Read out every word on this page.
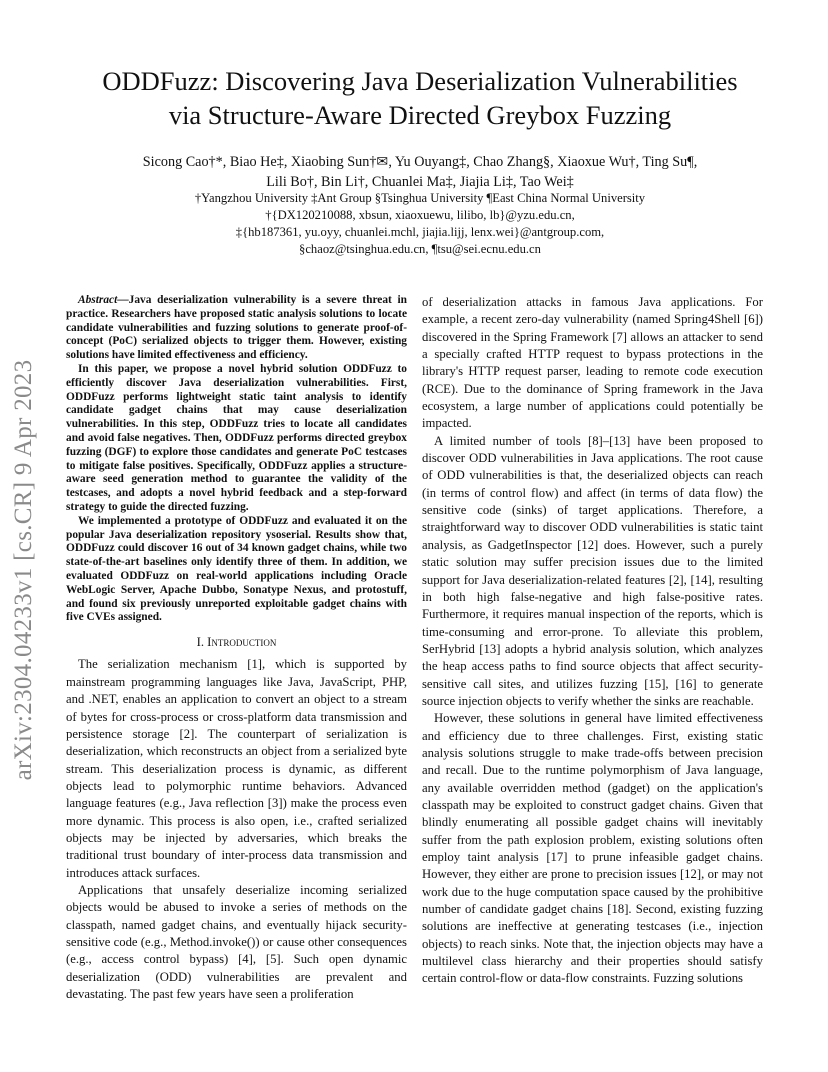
arXiv:2304.04233v1 [cs.CR] 9 Apr 2023
ODDFuzz: Discovering Java Deserialization Vulnerabilities
via Structure-Aware Directed Greybox Fuzzing
Sicong Cao†*, Biao He‡, Xiaobing Sun†✉, Yu Ouyang‡, Chao Zhang§, Xiaoxue Wu†, Ting Su¶,
Lili Bo†, Bin Li†, Chuanlei Ma‡, Jiajia Li‡, Tao Wei‡
†Yangzhou University ‡Ant Group §Tsinghua University ¶East China Normal University
†{DX120210088, xbsun, xiaoxuewu, lilibo, lb}@yzu.edu.cn,
‡{hb187361, yu.oyy, chuanlei.mchl, jiajia.lijj, lenx.wei}@antgroup.com,
§chaoz@tsinghua.edu.cn, ¶tsu@sei.ecnu.edu.cn

Abstract—Java deserialization vulnerability is a severe threat in practice. Researchers have proposed static analysis solutions to locate candidate vulnerabilities and fuzzing solutions to generate proof-of-concept (PoC) serialized objects to trigger them. However, existing solutions have limited effectiveness and efficiency.

In this paper, we propose a novel hybrid solution ODDFuzz to efficiently discover Java deserialization vulnerabilities. First, ODDFuzz performs lightweight static taint analysis to identify candidate gadget chains that may cause deserialization vulnerabilities. In this step, ODDFuzz tries to locate all candidates and avoid false negatives. Then, ODDFuzz performs directed greybox fuzzing (DGF) to explore those candidates and generate PoC testcases to mitigate false positives. Specifically, ODDFuzz applies a structure-aware seed generation method to guarantee the validity of the testcases, and adopts a novel hybrid feedback and a step-forward strategy to guide the directed fuzzing.

We implemented a prototype of ODDFuzz and evaluated it on the popular Java deserialization repository ysoserial. Results show that, ODDFuzz could discover 16 out of 34 known gadget chains, while two state-of-the-art baselines only identify three of them. In addition, we evaluated ODDFuzz on real-world applications including Oracle WebLogic Server, Apache Dubbo, Sonatype Nexus, and protostuff, and found six previously unreported exploitable gadget chains with five CVEs assigned.

I. Introduction

The serialization mechanism [1], which is supported by mainstream programming languages like Java, JavaScript, PHP, and .NET, enables an application to convert an object to a stream of bytes for cross-process or cross-platform data transmission and persistence storage [2]. The counterpart of serialization is deserialization, which reconstructs an object from a serialized byte stream. This deserialization process is dynamic, as different objects lead to polymorphic runtime behaviors. Advanced language features (e.g., Java reflection [3]) make the process even more dynamic. This process is also open, i.e., crafted serialized objects may be injected by adversaries, which breaks the traditional trust boundary of inter-process data transmission and introduces attack surfaces.

Applications that unsafely deserialize incoming serialized objects would be abused to invoke a series of methods on the classpath, named gadget chains, and eventually hijack security-sensitive code (e.g., Method.invoke()) or cause other consequences (e.g., access control bypass) [4], [5]. Such open dynamic deserialization (ODD) vulnerabilities are prevalent and devastating. The past few years have seen a proliferation

of deserialization attacks in famous Java applications. For example, a recent zero-day vulnerability (named Spring4Shell [6]) discovered in the Spring Framework [7] allows an attacker to send a specially crafted HTTP request to bypass protections in the library's HTTP request parser, leading to remote code execution (RCE). Due to the dominance of Spring framework in the Java ecosystem, a large number of applications could potentially be impacted.

A limited number of tools [8]–[13] have been proposed to discover ODD vulnerabilities in Java applications. The root cause of ODD vulnerabilities is that, the deserialized objects can reach (in terms of control flow) and affect (in terms of data flow) the sensitive code (sinks) of target applications. Therefore, a straightforward way to discover ODD vulnerabilities is static taint analysis, as GadgetInspector [12] does. However, such a purely static solution may suffer precision issues due to the limited support for Java deserialization-related features [2], [14], resulting in both high false-negative and high false-positive rates. Furthermore, it requires manual inspection of the reports, which is time-consuming and error-prone. To alleviate this problem, SerHybrid [13] adopts a hybrid analysis solution, which analyzes the heap access paths to find source objects that affect security-sensitive call sites, and utilizes fuzzing [15], [16] to generate source injection objects to verify whether the sinks are reachable.

However, these solutions in general have limited effectiveness and efficiency due to three challenges. First, existing static analysis solutions struggle to make trade-offs between precision and recall. Due to the runtime polymorphism of Java language, any available overridden method (gadget) on the application's classpath may be exploited to construct gadget chains. Given that blindly enumerating all possible gadget chains will inevitably suffer from the path explosion problem, existing solutions often employ taint analysis [17] to prune infeasible gadget chains. However, they either are prone to precision issues [12], or may not work due to the huge computation space caused by the prohibitive number of candidate gadget chains [18]. Second, existing fuzzing solutions are ineffective at generating testcases (i.e., injection objects) to reach sinks. Note that, the injection objects may have a multilevel class hierarchy and their properties should satisfy certain control-flow or data-flow constraints. Fuzzing solutions
